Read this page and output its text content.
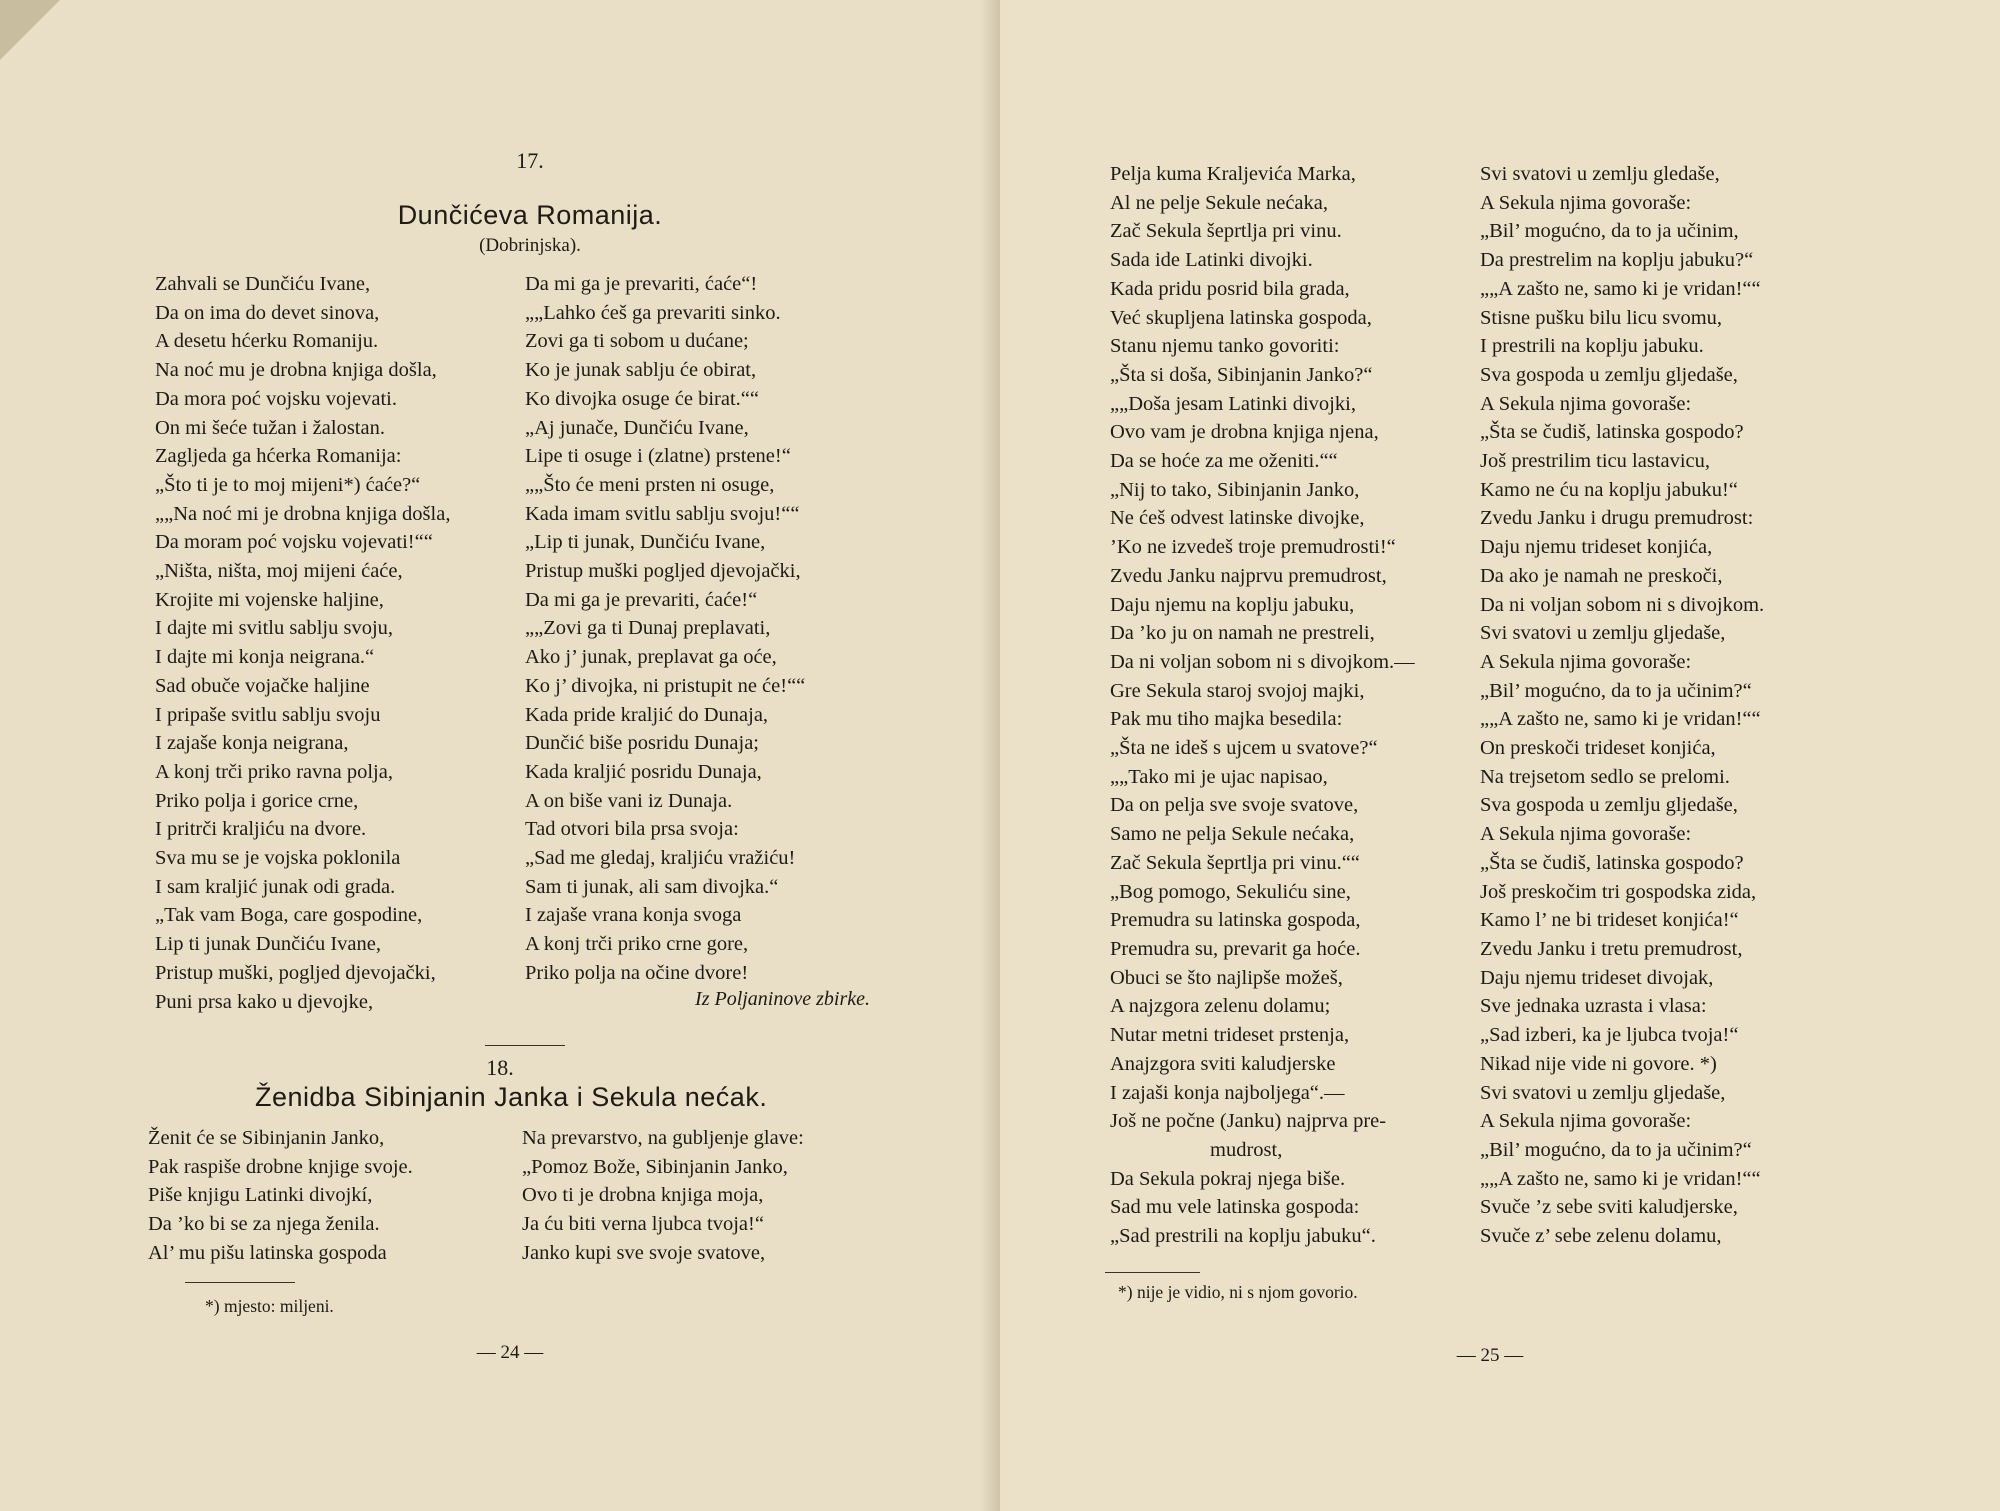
17.
Dunčićeva Romanija.
(Dobrinjska).
Zahvali se Dunčiću Ivane,
Da on ima do devet sinova,
A desetu hćerku Romaniju.
Na noć mu je drobna knjiga došla,
Da mora poć vojsku vojevati.
On mi šeće tužan i žalostan.
Zagljeda ga hćerka Romanija:
„Što ti je to moj mijeni*) ćaće?“
„„Na noć mi je drobna knjiga došla,
Da moram poć vojsku vojevati!““
„Ništa, ništa, moj mijeni ćaće,
Krojite mi vojenske haljine,
I dajte mi svitlu sablju svoju,
I dajte mi konja neigrana.“
Sad obuče vojačke haljine
I pripaše svitlu sablju svoju
I zajaše konja neigrana,
A konj trči priko ravna polja,
Priko polja i gorice crne,
I pritrči kraljiću na dvore.
Sva mu se je vojska poklonila
I sam kraljić junak odi grada.
„Tak vam Boga, care gospodine,
Lip ti junak Dunčiću Ivane,
Pristup muški, pogljed djevojački,
Puni prsa kako u djevojke,
Da mi ga je prevariti, ćaće“!
„„Lahko ćeš ga prevariti sinko.
Zovi ga ti sobom u dućane;
Ko je junak sablju će obirat,
Ko divojka osuge će birat.““
„Aj junače, Dunčiću Ivane,
Lipe ti osuge i (zlatne) prstene!“
„„Što će meni prsten ni osuge,
Kada imam svitlu sablju svoju!““
„Lip ti junak, Dunčiću Ivane,
Pristup muški pogljed djevojački,
Da mi ga je prevariti, ćaće!“
„„Zovi ga ti Dunaj preplavati,
Ako j’ junak, preplavat ga oće,
Ko j’ divojka, ni pristupit ne će!““
Kada pride kraljić do Dunaja,
Dunčić biše posridu Dunaja;
Kada kraljić posridu Dunaja,
A on biše vani iz Dunaja.
Tad otvori bila prsa svoja:
„Sad me gledaj, kraljiću vražiću!
Sam ti junak, ali sam divojka.“
I zajaše vrana konja svoga
A konj trči priko crne gore,
Priko polja na očine dvore!
Iz Poljaninove zbirke.
18.
Ženidba Sibinjanin Janka i Sekula nećak.
Ženit će se Sibinjanin Janko,
Pak raspiše drobne knjige svoje.
Piše knjigu Latinki divojkí,
Da ’ko bi se za njega ženila.
Al’ mu pišu latinska gospoda
Na prevarstvo, na gubljenje glave:
„Pomoz Bože, Sibinjanin Janko,
Ovo ti je drobna knjiga moja,
Ja ću biti verna ljubca tvoja!“
Janko kupi sve svoje svatove,
*) mjesto: miljeni.
— 24 —
Pelja kuma Kraljevića Marka,
Al ne pelje Sekule nećaka,
Zač Sekula šeprtlja pri vinu.
Sada ide Latinki divojki.
Kada pridu posrid bila grada,
Već skupljena latinska gospoda,
Stanu njemu tanko govoriti:
„Šta si doša, Sibinjanin Janko?“
„„Doša jesam Latinki divojki,
Ovo vam je drobna knjiga njena,
Da se hoće za me oženiti.““
„Nij to tako, Sibinjanin Janko,
Ne ćeš odvest latinske divojke,
’Ko ne izvedeš troje premudrosti!“
Zvedu Janku najprvu premudrost,
Daju njemu na koplju jabuku,
Da ’ko ju on namah ne prestreli,
Da ni voljan sobom ni s divojkom.—
Gre Sekula staroj svojoj majki,
Pak mu tiho majka besedila:
„Šta ne ideš s ujcem u svatove?“
„„Tako mi je ujac napisao,
Da on pelja sve svoje svatove,
Samo ne pelja Sekule nećaka,
Zač Sekula šeprtlja pri vinu.““
„Bog pomogo, Sekuliću sine,
Premudra su latinska gospoda,
Premudra su, prevarit ga hoće.
Obuci se što najlipše možeš,
A najzgora zelenu dolamu;
Nutar metni trideset prstenja,
Anajzgora sviti kaludjerske
I zajaši konja najboljega“.—
Još ne počne (Janku) najprva pre-
mudrost,
Da Sekula pokraj njega biše.
Sad mu vele latinska gospoda:
„Sad prestrili na koplju jabuku“.
Svi svatovi u zemlju gledaše,
A Sekula njima govoraše:
„Bil’ mogućno, da to ja učinim,
Da prestrelim na koplju jabuku?“
„„A zašto ne, samo ki je vridan!““
Stisne pušku bilu licu svomu,
I prestrili na koplju jabuku.
Sva gospoda u zemlju gljedaše,
A Sekula njima govoraše:
„Šta se čudiš, latinska gospodo?
Još prestrilim ticu lastavicu,
Kamo ne ću na koplju jabuku!“
Zvedu Janku i drugu premudrost:
Daju njemu trideset konjića,
Da ako je namah ne preskoči,
Da ni voljan sobom ni s divojkom.
Svi svatovi u zemlju gljedaše,
A Sekula njima govoraše:
„Bil’ mogućno, da to ja učinim?“
„„A zašto ne, samo ki je vridan!““
On preskoči trideset konjića,
Na trejsetom sedlo se prelomi.
Sva gospoda u zemlju gljedaše,
A Sekula njima govoraše:
„Šta se čudiš, latinska gospodo?
Još preskočim tri gospodska zida,
Kamo l’ ne bi trideset konjića!“
Zvedu Janku i tretu premudrost,
Daju njemu trideset divojak,
Sve jednaka uzrasta i vlasa:
„Sad izberi, ka je ljubca tvoja!“
Nikad nije vide ni govore. *)
Svi svatovi u zemlju gljedaše,
A Sekula njima govoraše:
„Bil’ mogućno, da to ja učinim?“
„„A zašto ne, samo ki je vridan!““
Svuče ’z sebe sviti kaludjerske,
Svuče z’ sebe zelenu dolamu,
*) nije je vidio, ni s njom govorio.
— 25 —
